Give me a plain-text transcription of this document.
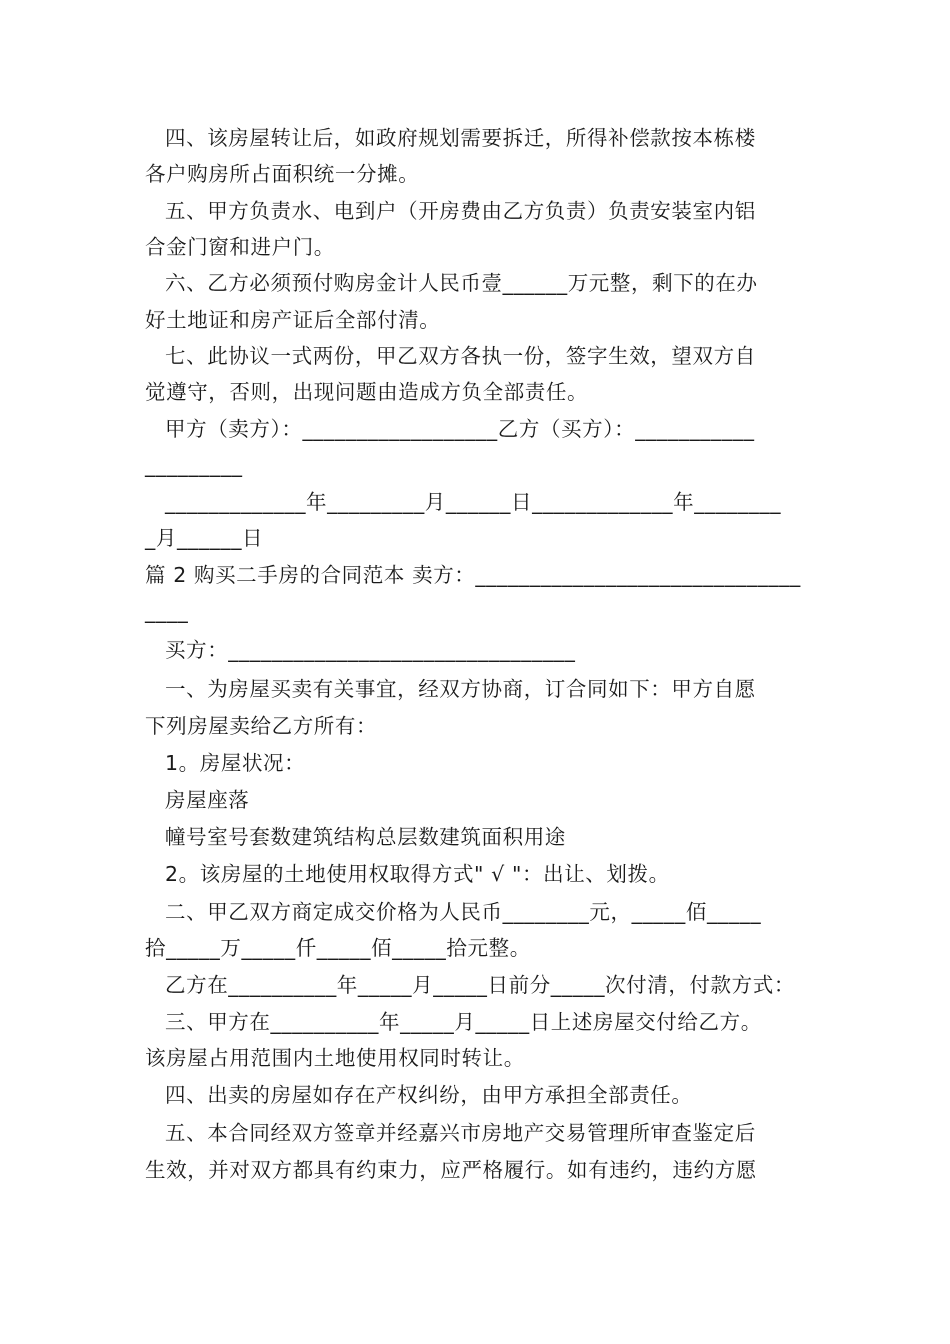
四、该房屋转让后，如政府规划需要拆迁，所得补偿款按本栋楼
各户购房所占面积统一分摊。
五、甲方负责水、电到户（开房费由乙方负责）负责安装室内铝
合金门窗和进户门。
六、乙方必须预付购房金计人民币壹______万元整，剩下的在办
好土地证和房产证后全部付清。
七、此协议一式两份，甲乙双方各执一份，签字生效，望双方自
觉遵守，否则，出现问题由造成方负全部责任。
甲方（卖方）：__________________乙方（买方）：___________
_________
_____________年_________月______日_____________年________
_月______日
篇 2 购买二手房的合同范本 卖方：______________________________
____
买方：________________________________
一、为房屋买卖有关事宜，经双方协商，订合同如下：甲方自愿
下列房屋卖给乙方所有：
1。房屋状况：
房屋座落
幢号室号套数建筑结构总层数建筑面积用途
2。该房屋的土地使用权取得方式" √ "：出让、划拨。
二、甲乙双方商定成交价格为人民币________元，_____佰_____
拾_____万_____仟_____佰_____拾元整。
乙方在__________年_____月_____日前分_____次付清，付款方式：
三、甲方在__________年_____月_____日上述房屋交付给乙方。
该房屋占用范围内土地使用权同时转让。
四、出卖的房屋如存在产权纠纷，由甲方承担全部责任。
五、本合同经双方签章并经嘉兴市房地产交易管理所审查鉴定后
生效，并对双方都具有约束力，应严格履行。如有违约，违约方愿
